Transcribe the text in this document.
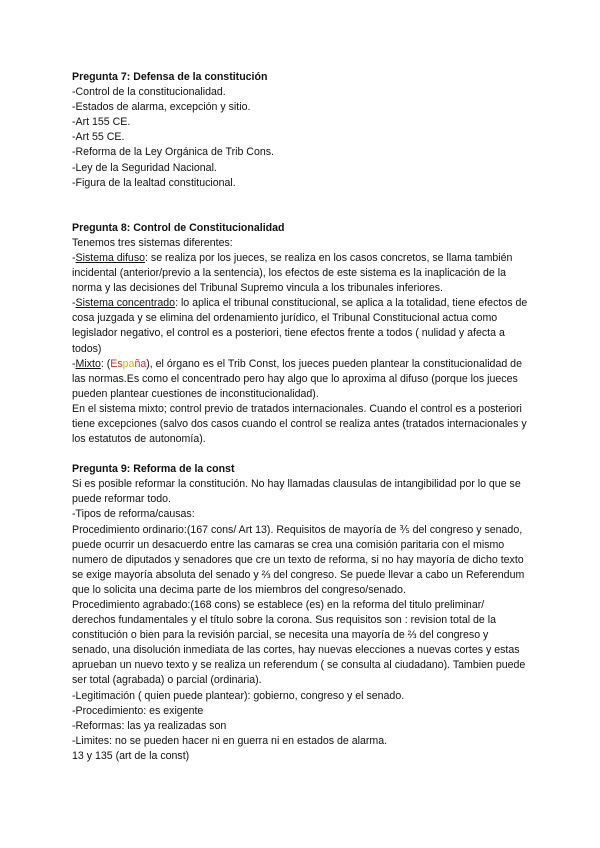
Pregunta 7: Defensa de la constitución

-Control de la constitucionalidad.

-Estados de alarma, excepción y sitio.

-Art 155 CE.

-Art 55 CE.

-Reforma de la Ley Orgánica de Trib Cons.

-Ley de la Seguridad Nacional.

-Figura de la lealtad constitucional.

Pregunta 8: Control de Constitucionalidad

Tenemos tres sistemas diferentes:

-Sistema difuso: se realiza por los jueces, se realiza en los casos concretos, se llama también incidental (anterior/previo a la sentencia), los efectos de este sistema es la inaplicación de la norma y las decisiones del Tribunal Supremo vincula a los tribunales inferiores.

-Sistema concentrado: lo aplica el tribunal constitucional, se aplica a la totalidad, tiene efectos de cosa juzgada y se elimina del ordenamiento jurídico, el Tribunal Constitucional actua como legislador negativo, el control es a posteriori, tiene efectos frente a todos ( nulidad y afecta a todos)

-Mixto: (España), el órgano es el Trib Const, los jueces pueden plantear la constitucionalidad de las normas.Es como el concentrado pero hay algo que lo aproxima al difuso (porque los jueces pueden plantear cuestiones de inconstitucionalidad).

En el sistema mixto; control previo de tratados internacionales. Cuando el control es a posteriori tiene excepciones (salvo dos casos cuando el control se realiza antes (tratados internacionales y los estatutos de autonomía).

Pregunta 9: Reforma de la const

Si es posible reformar la constitución. No hay llamadas clausulas de intangibilidad por lo que se puede reformar todo.

-Tipos de reforma/causas:

Procedimiento ordinario:(167 cons/ Art 13). Requisitos de mayoría de ⅗ del congreso y senado, puede ocurrir un desacuerdo entre las camaras se crea una comisión paritaria con el mismo numero de diputados y senadores que cre un texto de reforma, si no hay mayoría de dicho texto se exige mayoría absoluta del senado y ⅔ del congreso. Se puede llevar a cabo un Referendum que lo solicita una decima parte de los miembros del congreso/senado.

Procedimiento agrabado:(168 cons) se establece (es) en la reforma del titulo preliminar/ derechos fundamentales y el título sobre la corona. Sus requisitos son : revision total de la constitución o bien para la revisión parcial, se necesita una mayoría de ⅔ del congreso y senado, una disolución inmediata de las cortes, hay nuevas elecciones a nuevas cortes y estas aprueban un nuevo texto y se realiza un referendum ( se consulta al ciudadano). Tambien puede ser total (agrabada) o parcial (ordinaria).

-Legitimación ( quien puede plantear): gobierno, congreso y el senado.

-Procedimiento: es exigente

-Reformas: las ya realizadas son

-Limites: no se pueden hacer ni en guerra ni en estados de alarma.

13 y 135 (art de la const)
